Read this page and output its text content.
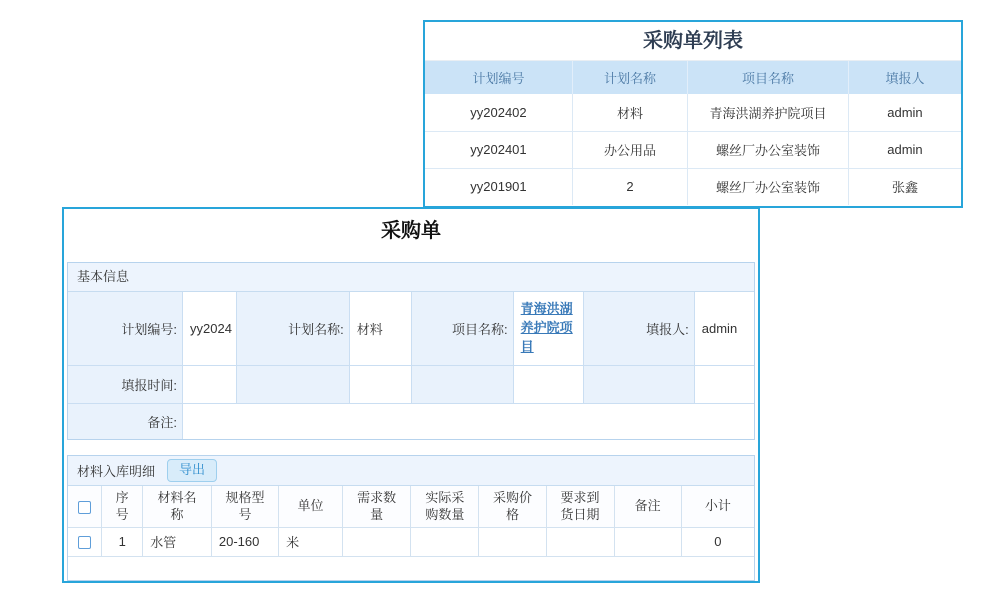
采购单列表
计划编号	计划名称	项目名称	填报人
yy202402	材料	青海洪湖养护院项目	admin
yy202401	办公用品	螺丝厂办公室装饰	admin
yy201901	2	螺丝厂办公室装饰	张鑫
采购单
基本信息
计划编号:	yy2024	计划名称:	材料	项目名称:	青海洪湖养护院项目	填报人:	admin
填报时间:							
备注:							
材料入库明细	导出
	序号	材料名称	规格型号	单位	需求数量	实际采购数量	采购价格	要求到货日期	备注	小计
	1	水管	20-160	米						0
